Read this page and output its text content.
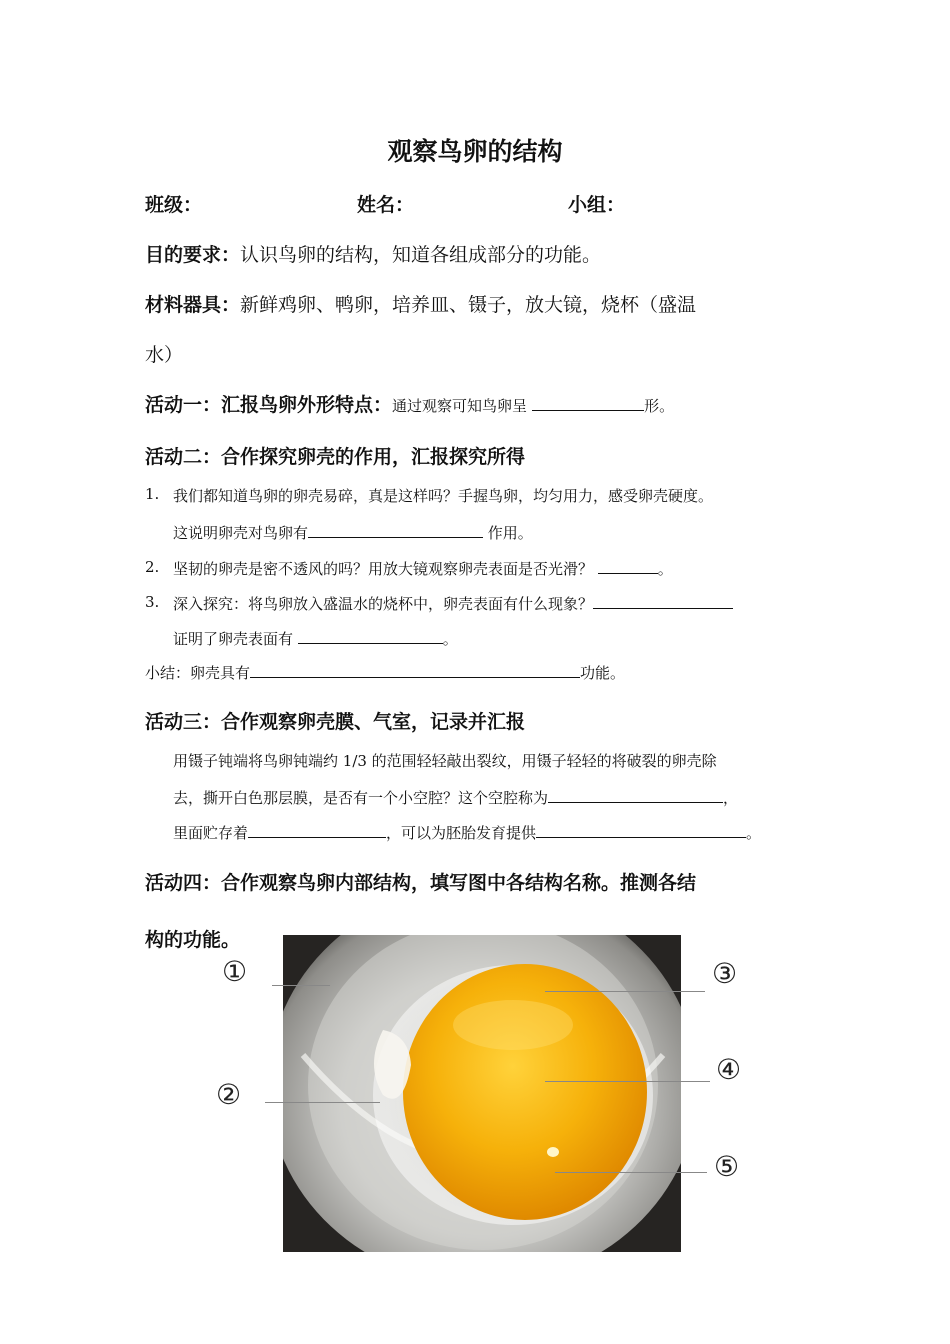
观察鸟卵的结构
班级：	姓名：	小组：
目的要求：认识鸟卵的结构，知道各组成部分的功能。
材料器具：新鲜鸡卵、鸭卵，培养皿、镊子，放大镜，烧杯（盛温
水）
活动一：汇报鸟卵外形特点：通过观察可知鸟卵呈	形。
活动二：合作探究卵壳的作用，汇报探究所得
1. 我们都知道鸟卵的卵壳易碎，真是这样吗？手握鸟卵，均匀用力，感受卵壳硬度。
这说明卵壳对鸟卵有	作用。
2. 坚韧的卵壳是密不透风的吗？用放大镜观察卵壳表面是否光滑？	。
3. 深入探究：将鸟卵放入盛温水的烧杯中，卵壳表面有什么现象？
证明了卵壳表面有	。
小结：卵壳具有	功能。
活动三：合作观察卵壳膜、气室，记录并汇报
用镊子钝端将鸟卵钝端约 1/3 的范围轻轻敲出裂纹，用镊子轻轻的将破裂的卵壳除
去，撕开白色那层膜，是否有一个小空腔？这个空腔称为	，
里面贮存着	，可以为胚胎发育提供	。
活动四：合作观察鸟卵内部结构，填写图中各结构名称。推测各结
构的功能。
①
②
③
④
⑤
